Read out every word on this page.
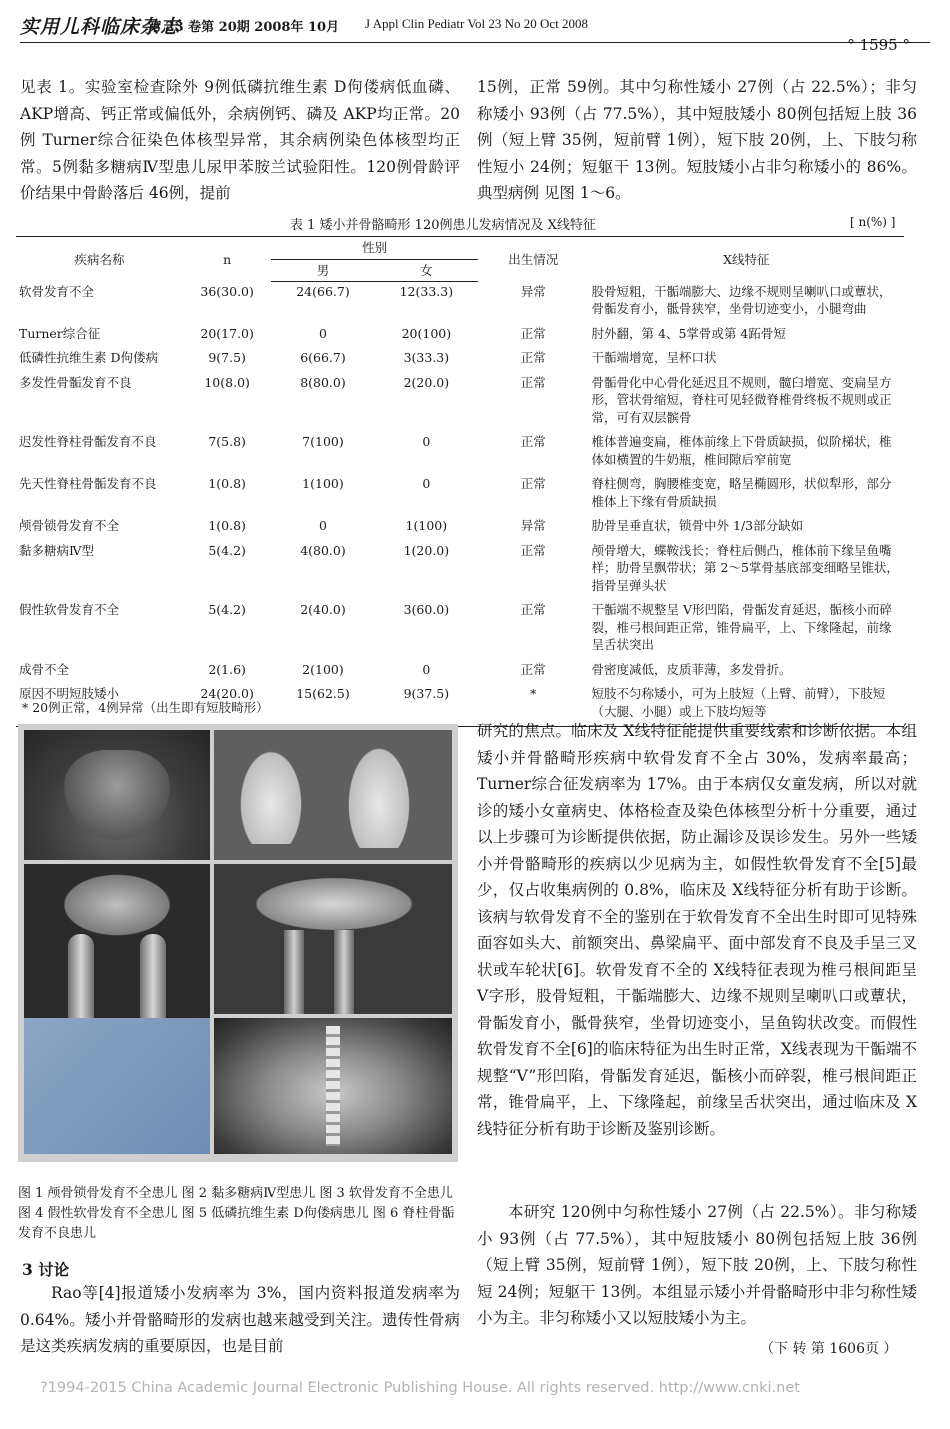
实用儿科临床杂志
第 23 卷第 20期 2008年 10月 J Appl Clin Pediatr Vol 23 No 20 Oct 2008
° 1595 °

见表 1。实验室检查除外 9例低磷抗维生素 D佝偻病低血磷、AKP增高、钙正常或偏低外，余病例钙、磷及 AKP均正常。20例 Turner综合征染色体核型异常，其余病例染色体核型均正常。5例黏多糖病Ⅳ型患儿尿甲苯胺兰试验阳性。120例骨龄评价结果中骨龄落后 46例，提前

15例，正常 59例。其中匀称性矮小 27例（占 22.5%）；非匀称矮小 93例（占 77.5%），其中短肢矮小 80例包括短上肢 36例（短上臂 35例，短前臂 1例），短下肢 20例，上、下肢匀称性短小 24例；短躯干 13例。短肢矮小占非匀称矮小的 86%。典型病例 见图 1～6。

表 1 矮小并骨骼畸形 120例患儿发病情况及 X线特征	[ n(%) ]
疾病名称	n	性别		出生情况	X线特征
		男	女		
软骨发育不全	36(30.0)	24(66.7)	12(33.3)	异常	股骨短粗，干骺端膨大、边缘不规则呈喇叭口或蕈状，骨骺发育小，骶骨狭窄，坐骨切迹变小，小腿弯曲
Turner综合征	20(17.0)	0	20(100)	正常	肘外翻，第 4、5掌骨或第 4跖骨短
低磷性抗维生素 D佝偻病	9(7.5)	6(66.7)	3(33.3)	正常	干骺端增宽，呈杯口状
多发性骨骺发育不良	10(8.0)	8(80.0)	2(20.0)	正常	骨骺骨化中心骨化延迟且不规则，髋臼增宽、变扁呈方形，管状骨缩短，脊柱可见轻微脊椎骨终板不规则或正常，可有双层髌骨
迟发性脊柱骨骺发育不良	7(5.8)	7(100)	0	正常	椎体普遍变扁，椎体前缘上下骨质缺损，似阶梯状，椎体如横置的牛奶瓶，椎间隙后窄前宽
先天性脊柱骨骺发育不良	1(0.8)	1(100)	0	正常	脊柱侧弯，胸腰椎变宽，略呈椭圆形，状似犁形，部分椎体上下缘有骨质缺损
颅骨锁骨发育不全	1(0.8)	0	1(100)	异常	肋骨呈垂直状，锁骨中外 1/3部分缺如
黏多糖病Ⅳ型	5(4.2)	4(80.0)	1(20.0)	正常	颅骨增大，蝶鞍浅长；脊柱后侧凸，椎体前下缘呈鱼嘴样；肋骨呈飘带状；第 2～5掌骨基底部变细略呈锥状，指骨呈弹头状
假性软骨发育不全	5(4.2)	2(40.0)	3(60.0)	正常	干骺端不规整呈 V形凹陷，骨骺发育延迟，骺核小而碎裂，椎弓根间距正常，锥骨扁平，上、下缘隆起，前缘呈舌状突出
成骨不全	2(1.6)	2(100)	0	正常	骨密度减低，皮质菲薄，多发骨折。
原因不明短肢矮小	24(20.0)	15(62.5)	9(37.5)	*	短肢不匀称矮小，可为上肢短（上臂、前臂），下肢短（大腿、小腿）或上下肢均短等
* 20例正常，4例异常（出生即有短肢畸形）
图 1 颅骨锁骨发育不全患儿 图 2 黏多糖病Ⅳ型患儿 图 3 软骨发育不全患儿 图 4 假性软骨发育不全患儿 图 5 低磷抗维生素 D佝偻病患儿 图 6 脊柱骨骺发育不良患儿
3 讨论

Rao等[4]报道矮小发病率为 3%，国内资料报道发病率为 0.64%。矮小并骨骼畸形的发病也越来越受到关注。遗传性骨病是这类疾病发病的重要原因，也是目前

研究的焦点。临床及 X线特征能提供重要线索和诊断依据。本组矮小并骨骼畸形疾病中软骨发育不全占 30%，发病率最高；Turner综合征发病率为 17%。由于本病仅女童发病，所以对就诊的矮小女童病史、体格检查及染色体核型分析十分重要，通过以上步骤可为诊断提供依据，防止漏诊及误诊发生。另外一些矮小并骨骼畸形的疾病以少见病为主，如假性软骨发育不全[5]最少，仅占收集病例的 0.8%，临床及 X线特征分析有助于诊断。该病与软骨发育不全的鉴别在于软骨发育不全出生时即可见特殊面容如头大、前额突出、鼻梁扁平、面中部发育不良及手呈三叉状或车轮状[6]。软骨发育不全的 X线特征表现为椎弓根间距呈 V字形，股骨短粗，干骺端膨大、边缘不规则呈喇叭口或蕈状，骨骺发育小，骶骨狭窄，坐骨切迹变小，呈鱼钩状改变。而假性软骨发育不全[6]的临床特征为出生时正常，X线表现为干骺端不规整“V”形凹陷，骨骺发育延迟，骺核小而碎裂，椎弓根间距正常，锥骨扁平，上、下缘隆起，前缘呈舌状突出，通过临床及 X线特征分析有助于诊断及鉴别诊断。

本研究 120例中匀称性矮小 27例（占 22.5%）。非匀称矮小 93例（占 77.5%），其中短肢矮小 80例包括短上肢 36例（短上臂 35例，短前臂 1例），短下肢 20例，上、下肢匀称性短 24例；短躯干 13例。本组显示矮小并骨骼畸形中非匀称性矮小为主。非匀称矮小又以短肢矮小为主。

（下 转 第 1606页 ）
?1994-2015 China Academic Journal Electronic Publishing House. All rights reserved. http://www.cnki.net
